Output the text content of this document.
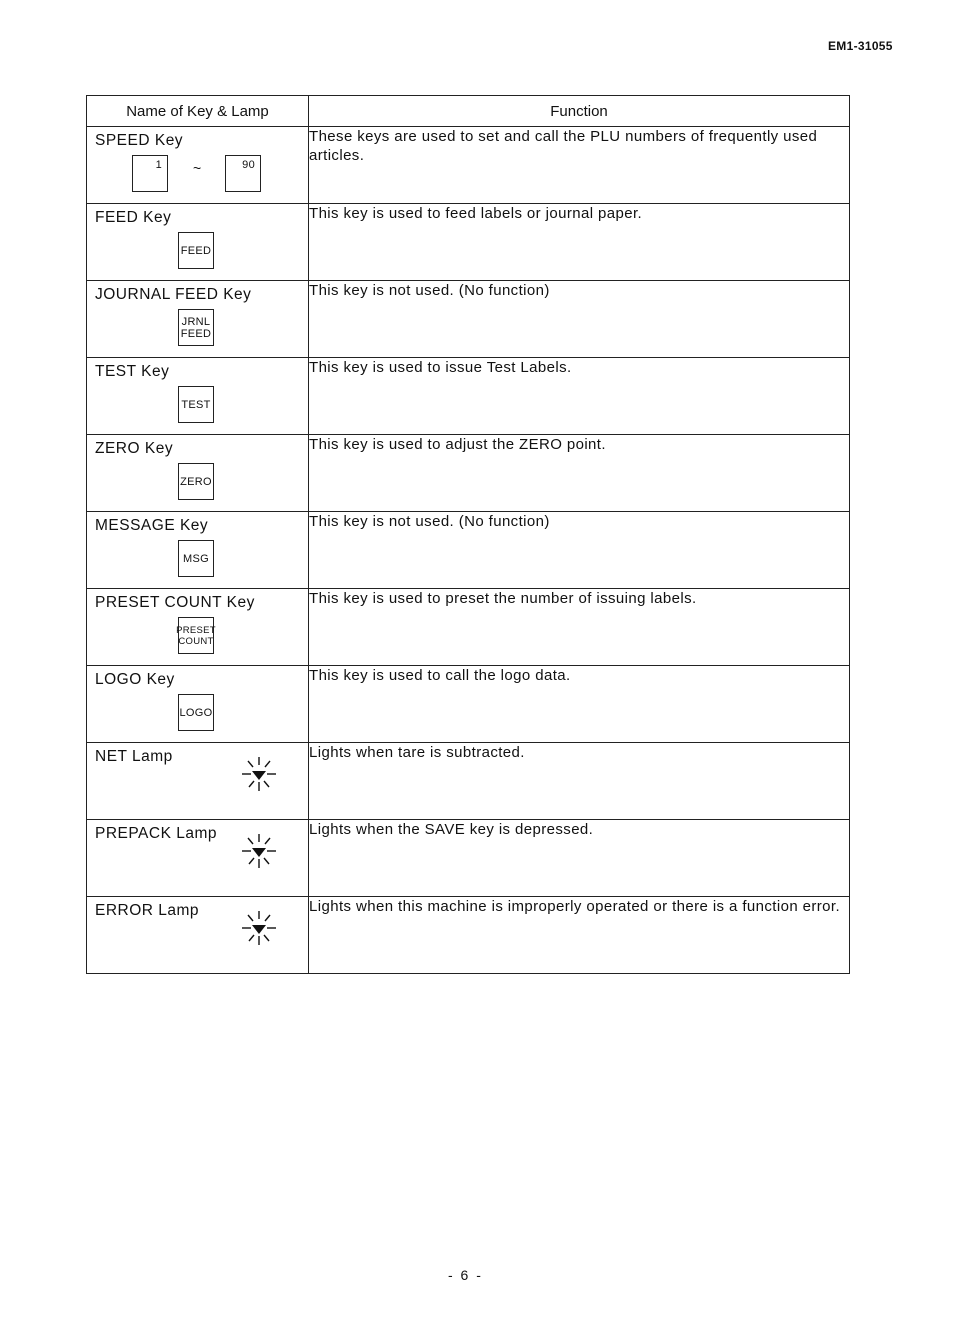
EM1-31055
Name of Key & Lamp	Function

SPEED Key
1 ~ 90	These keys are used to set and call the PLU numbers of frequently used articles.

FEED Key
FEED	This key is used to feed labels or journal paper.

JOURNAL FEED Key
JRNL
FEED	This key is not used. (No function)

TEST Key
TEST	This key is used to issue Test Labels.

ZERO Key
ZERO	This key is used to adjust the ZERO point.

MESSAGE Key
MSG	This key is not used. (No function)

PRESET COUNT Key
PRESET
COUNT	This key is used to preset the number of issuing labels.

LOGO Key
LOGO	This key is used to call the logo data.

NET Lamp	Lights when tare is subtracted.

PREPACK Lamp	Lights when the SAVE key is depressed.

ERROR Lamp	Lights when this machine is improperly operated or there is a function error.
- 6 -
